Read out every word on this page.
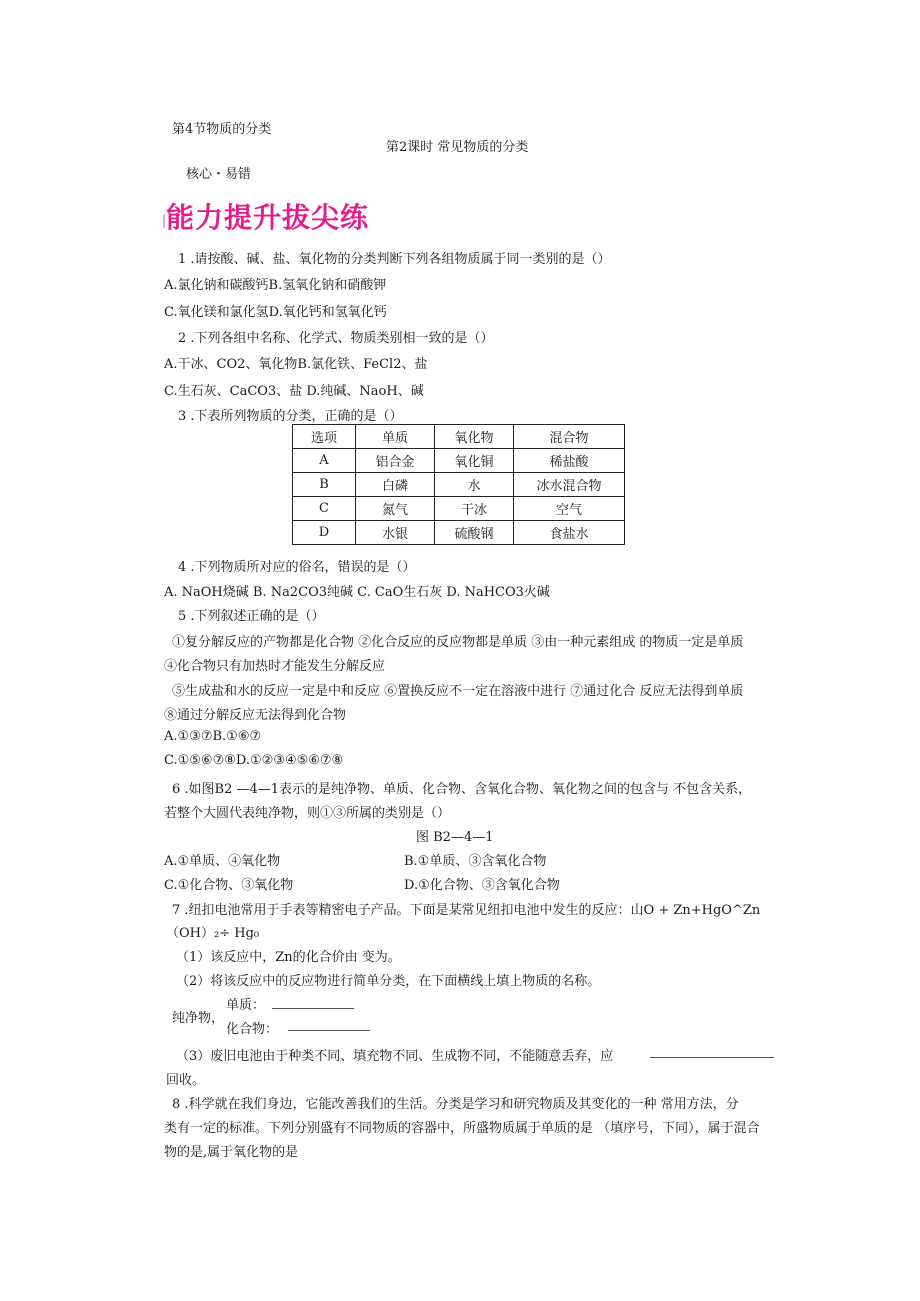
第4节物质的分类
第2课时 常见物质的分类
核心・易错
能力提升拔尖练
1 .请按酸、碱、盐、氧化物的分类判断下列各组物质属于同一类别的是（）
A.氯化钠和碳酸钙B.氢氧化钠和硝酸钾
C.氧化镁和氯化氢D.氧化钙和氢氧化钙
2 .下列各组中名称、化学式、物质类别相一致的是（）
A.干冰、CO2、氧化物B.氯化铁、FeCl2、盐
C.生石灰、CaCO3、盐 D.纯碱、NaoH、碱
3 .下表所列物质的分类，正确的是（）
选项	单质	氧化物	混合物
A	铝合金	氧化铜	稀盐酸
B	白磷	水	冰水混合物
C	氮气	干冰	空气
D	水银	硫酸钢	食盐水
4 .下列物质所对应的俗名，错误的是（）
A. NaOH烧碱 B. Na2CO3纯碱 C. CaO生石灰 D. NaHCO3火碱
5 .下列叙述正确的是（）
①复分解反应的产物都是化合物 ②化合反应的反应物都是单质 ③由一种元素组成 的物质一定是单质
④化合物只有加热时才能发生分解反应
⑤生成盐和水的反应一定是中和反应 ⑥置换反应不一定在溶液中进行 ⑦通过化合 反应无法得到单质
⑧通过分解反应无法得到化合物
A.①③⑦B.①⑥⑦
C.①⑤⑥⑦⑧D.①②③④⑤⑥⑦⑧
6 .如图B2 —4—1表示的是纯净物、单质、化合物、含氧化合物、氧化物之间的包含与 不包含关系，
若整个大圆代表纯净物，则①③所属的类别是（）
图 B2—4—1
A.①单质、④氧化物	B.①单质、③含氧化合物
C.①化合物、③氧化物	D.①化合物、③含氧化合物
7 .纽扣电池常用于手表等精密电子产品。下面是某常见纽扣电池中发生的反应：山O + Zn+HgO^Zn
（OH）₂÷ Hg₀
（1）该反应中，Zn的化合价由 变为。
（2）将该反应中的反应物进行简单分类，在下面横线上填上物质的名称。
单质：
纯净物，
化合物：
（3）废旧电池由于种类不同、填充物不同、生成物不同，不能随意丢弃，应
回收。
8 .科学就在我们身边，它能改善我们的生活。分类是学习和研究物质及其变化的一种 常用方法，分
类有一定的标准。下列分别盛有不同物质的容器中，所盛物质属于单质的是 （填序号，下同），属于混合
物的是,属于氧化物的是
